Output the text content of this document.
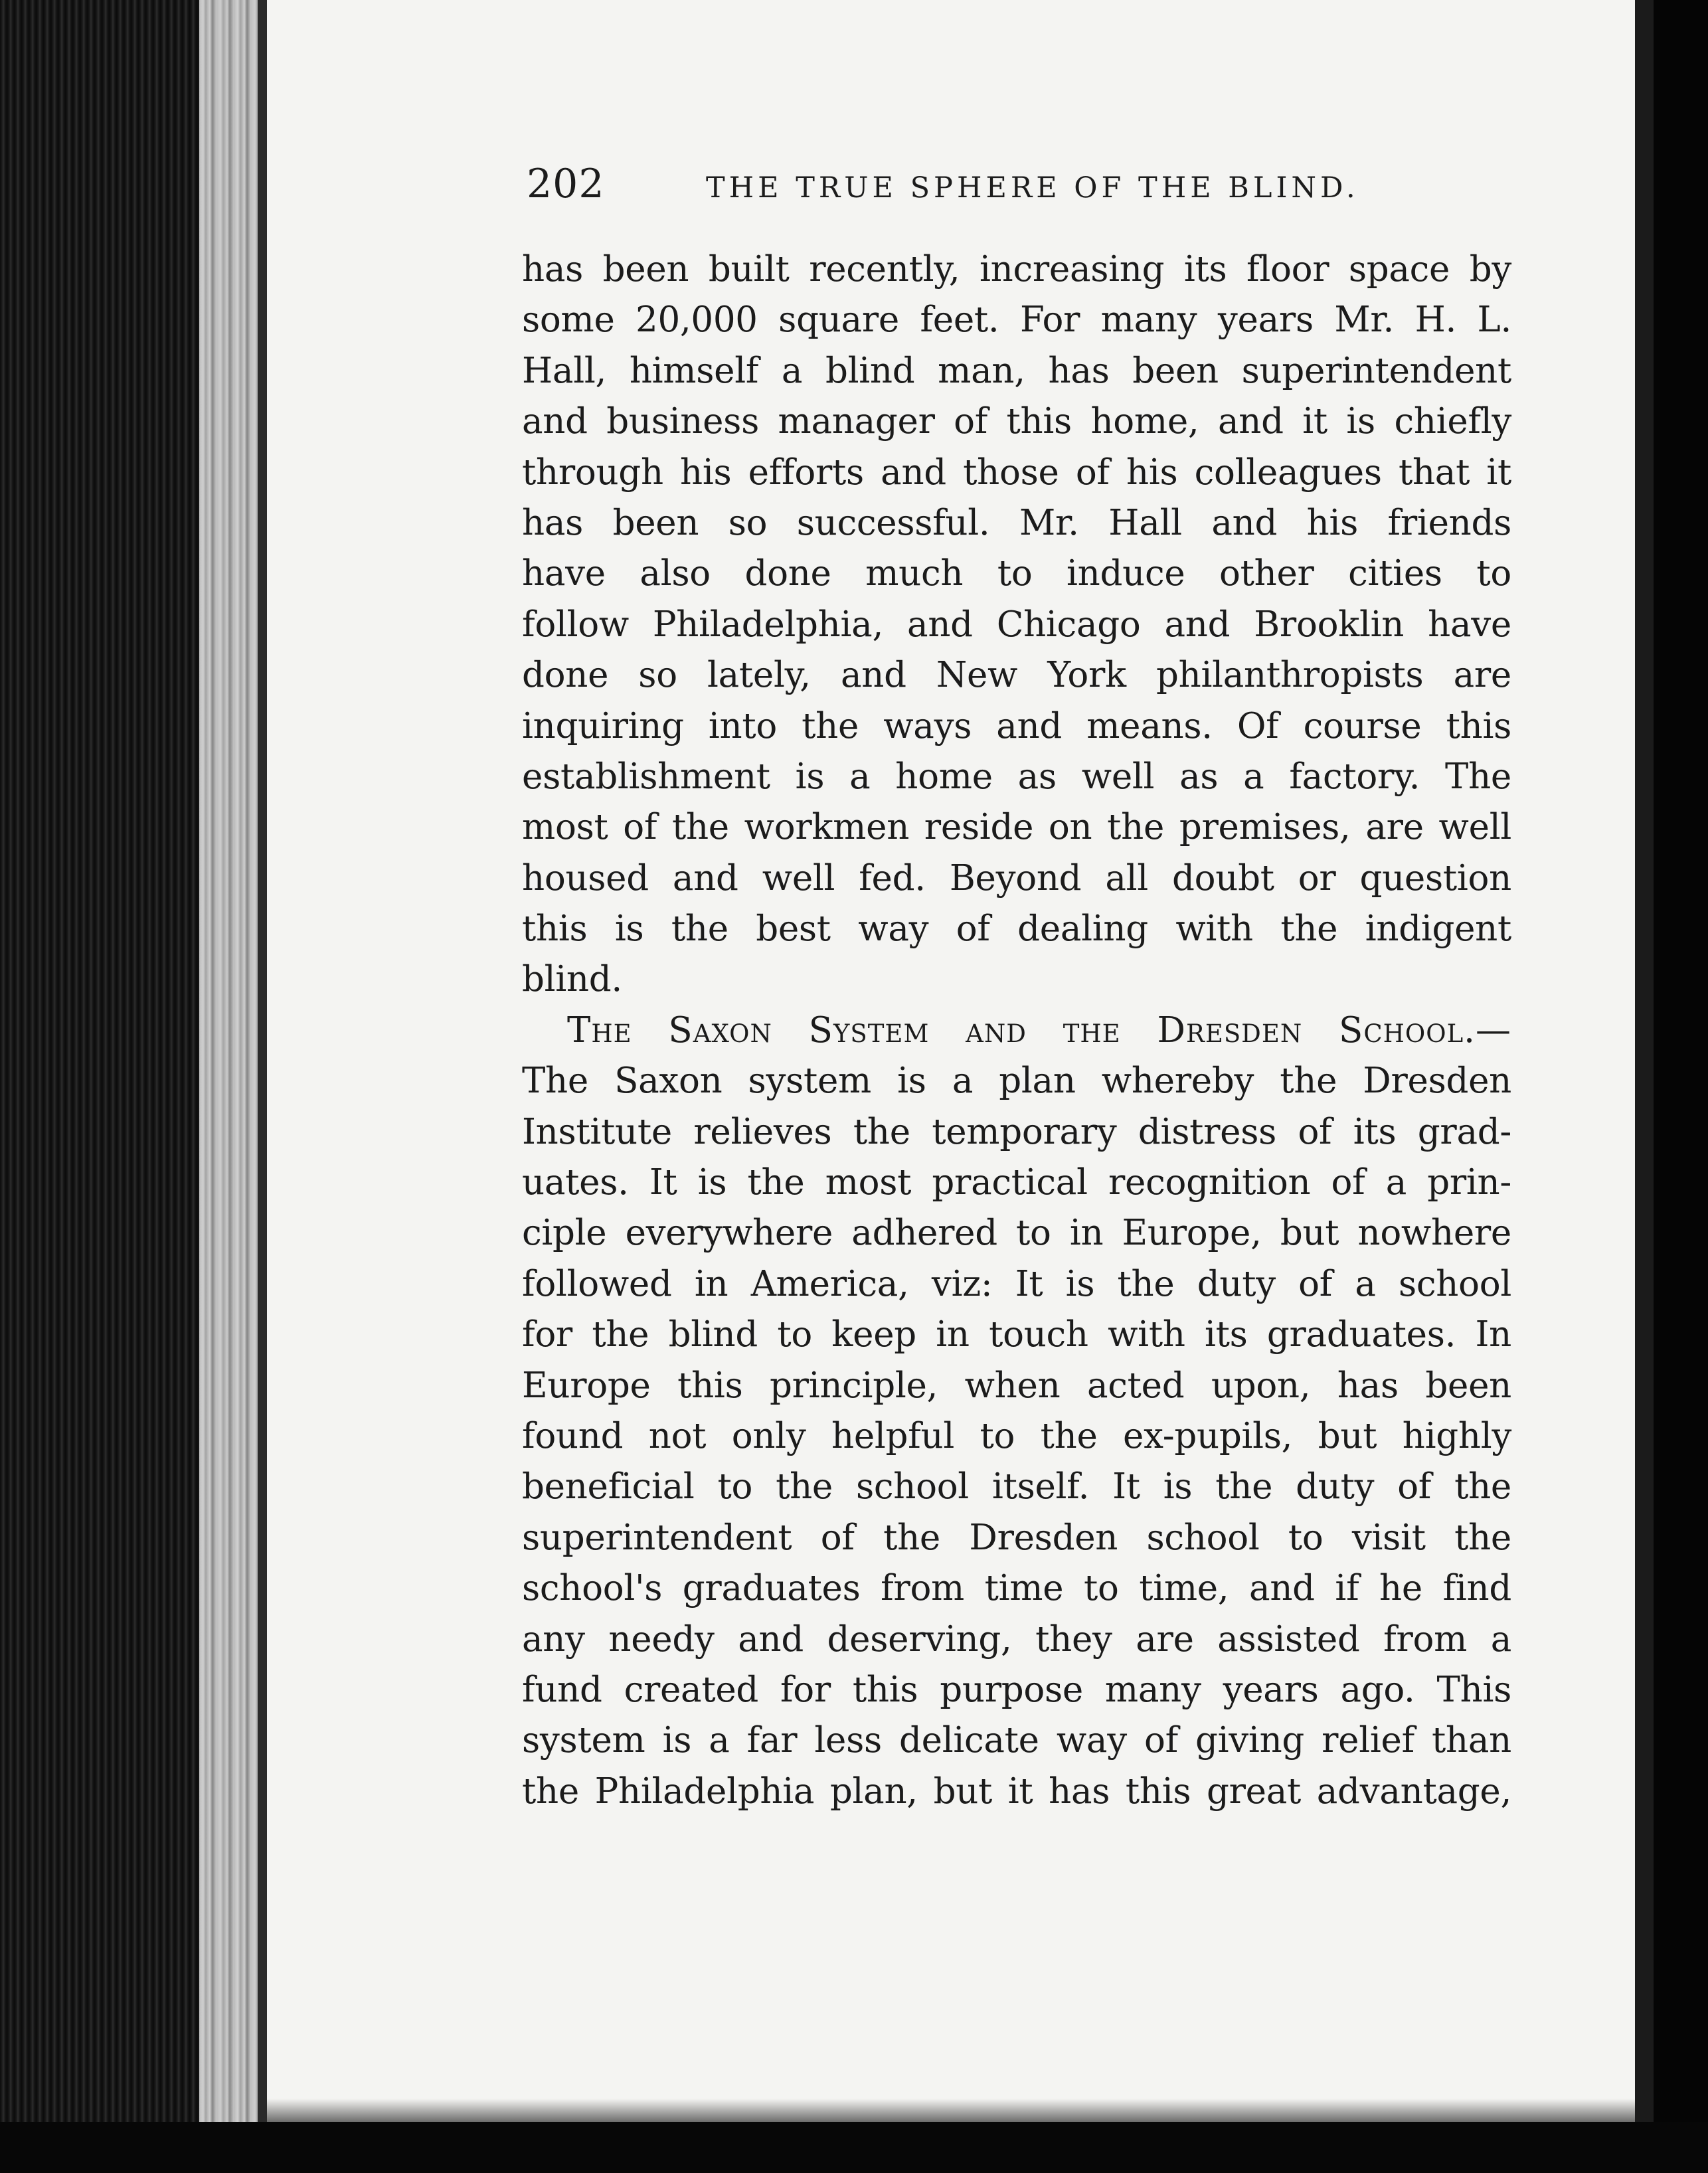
202	THE TRUE SPHERE OF THE BLIND.
has been built recently, increasing its floor space by
some 20,000 square feet. For many years Mr. H. L.
Hall, himself a blind man, has been superintendent
and business manager of this home, and it is chiefly
through his efforts and those of his colleagues that it
has been so successful. Mr. Hall and his friends
have also done much to induce other cities to
follow Philadelphia, and Chicago and Brooklin have
done so lately, and New York philanthropists are
inquiring into the ways and means. Of course this
establishment is a home as well as a factory. The
most of the workmen reside on the premises, are well
housed and well fed. Beyond all doubt or question
this is the best way of dealing with the indigent
blind.
The Saxon System and the Dresden School.—
The Saxon system is a plan whereby the Dresden
Institute relieves the temporary distress of its grad-
uates. It is the most practical recognition of a prin-
ciple everywhere adhered to in Europe, but nowhere
followed in America, viz: It is the duty of a school
for the blind to keep in touch with its graduates. In
Europe this principle, when acted upon, has been
found not only helpful to the ex-pupils, but highly
beneficial to the school itself. It is the duty of the
superintendent of the Dresden school to visit the
school's graduates from time to time, and if he find
any needy and deserving, they are assisted from a
fund created for this purpose many years ago. This
system is a far less delicate way of giving relief than
the Philadelphia plan, but it has this great advantage,
